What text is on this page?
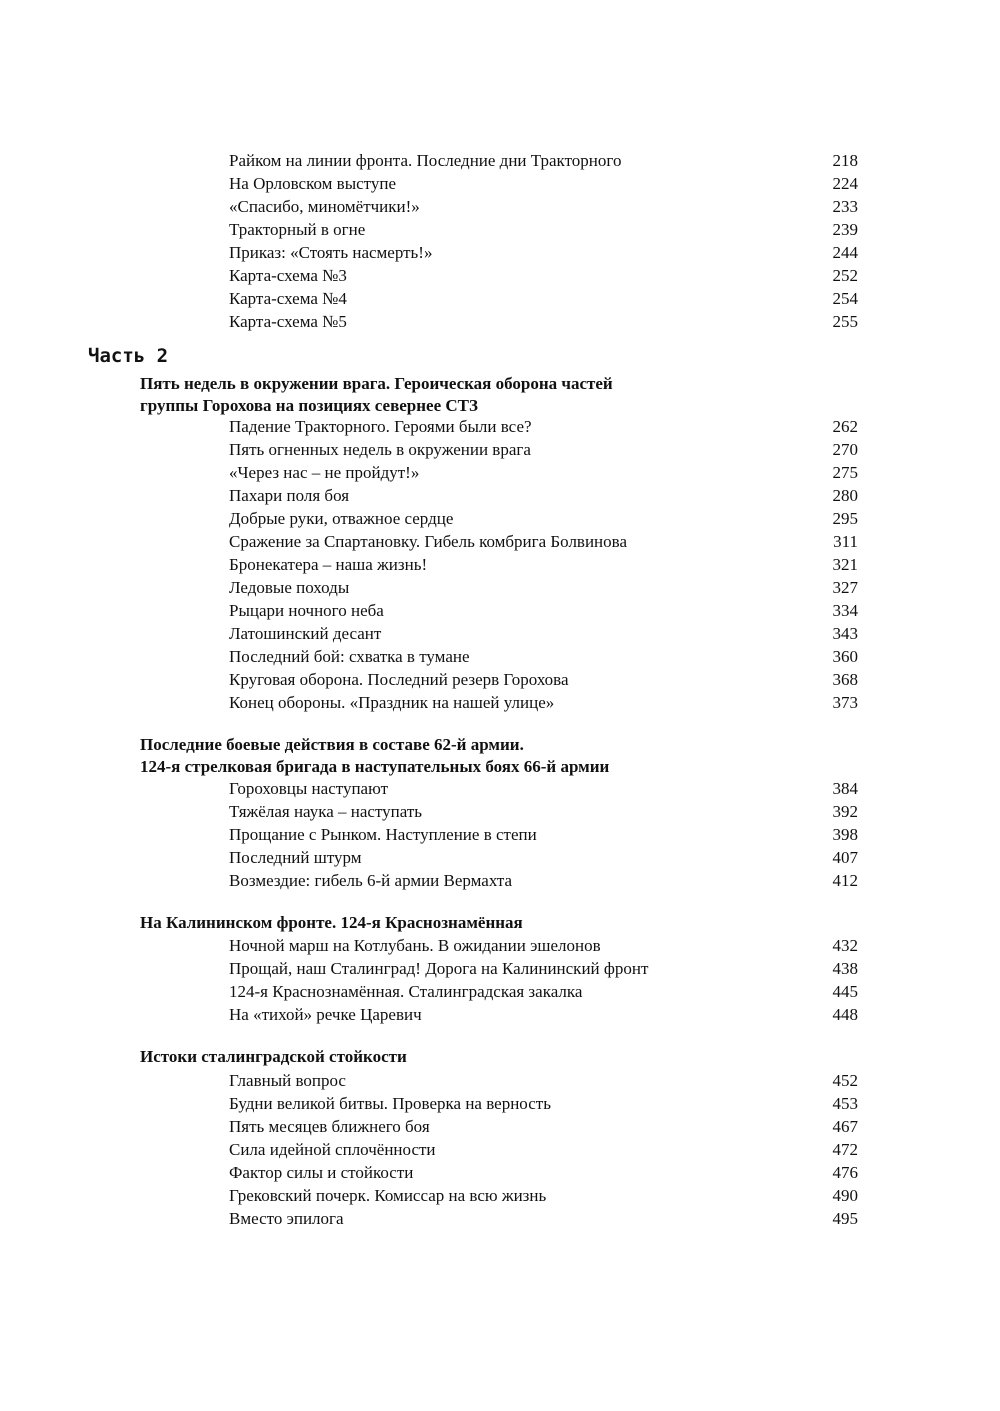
Райком на линии фронта. Последние дни Тракторного	218
На Орловском выступе	224
«Спасибо, миномётчики!»	233
Тракторный в огне	239
Приказ: «Стоять насмерть!»	244
Карта-схема №3	252
Карта-схема №4	254
Карта-схема №5	255
Часть 2
Пять недель в окружении врага. Героическая оборона частей
группы Горохова на позициях севернее СТЗ
Падение Тракторного. Героями были все?	262
Пять огненных недель в окружении врага	270
«Через нас – не пройдут!»	275
Пахари поля боя	280
Добрые руки, отважное сердце	295
Сражение за Спартановку. Гибель комбрига Болвинова	311
Бронекатера – наша жизнь!	321
Ледовые походы	327
Рыцари ночного неба	334
Латошинский десант	343
Последний бой: схватка в тумане	360
Круговая оборона. Последний резерв Горохова	368
Конец обороны. «Праздник на нашей улице»	373
Последние боевые действия в составе 62-й армии.
124-я стрелковая бригада в наступательных боях 66-й армии
Гороховцы наступают	384
Тяжёлая наука – наступать	392
Прощание с Рынком. Наступление в степи	398
Последний штурм	407
Возмездие: гибель 6-й армии Вермахта	412
На Калининском фронте. 124-я Краснознамённая
Ночной марш на Котлубань. В ожидании эшелонов	432
Прощай, наш Сталинград! Дорога на Калининский фронт	438
124-я Краснознамённая. Сталинградская закалка	445
На «тихой» речке Царевич	448
Истоки сталинградской стойкости
Главный вопрос	452
Будни великой битвы. Проверка на верность	453
Пять месяцев ближнего боя	467
Сила идейной сплочённости	472
Фактор силы и стойкости	476
Грековский почерк. Комиссар на всю жизнь	490
Вместо эпилога	495
